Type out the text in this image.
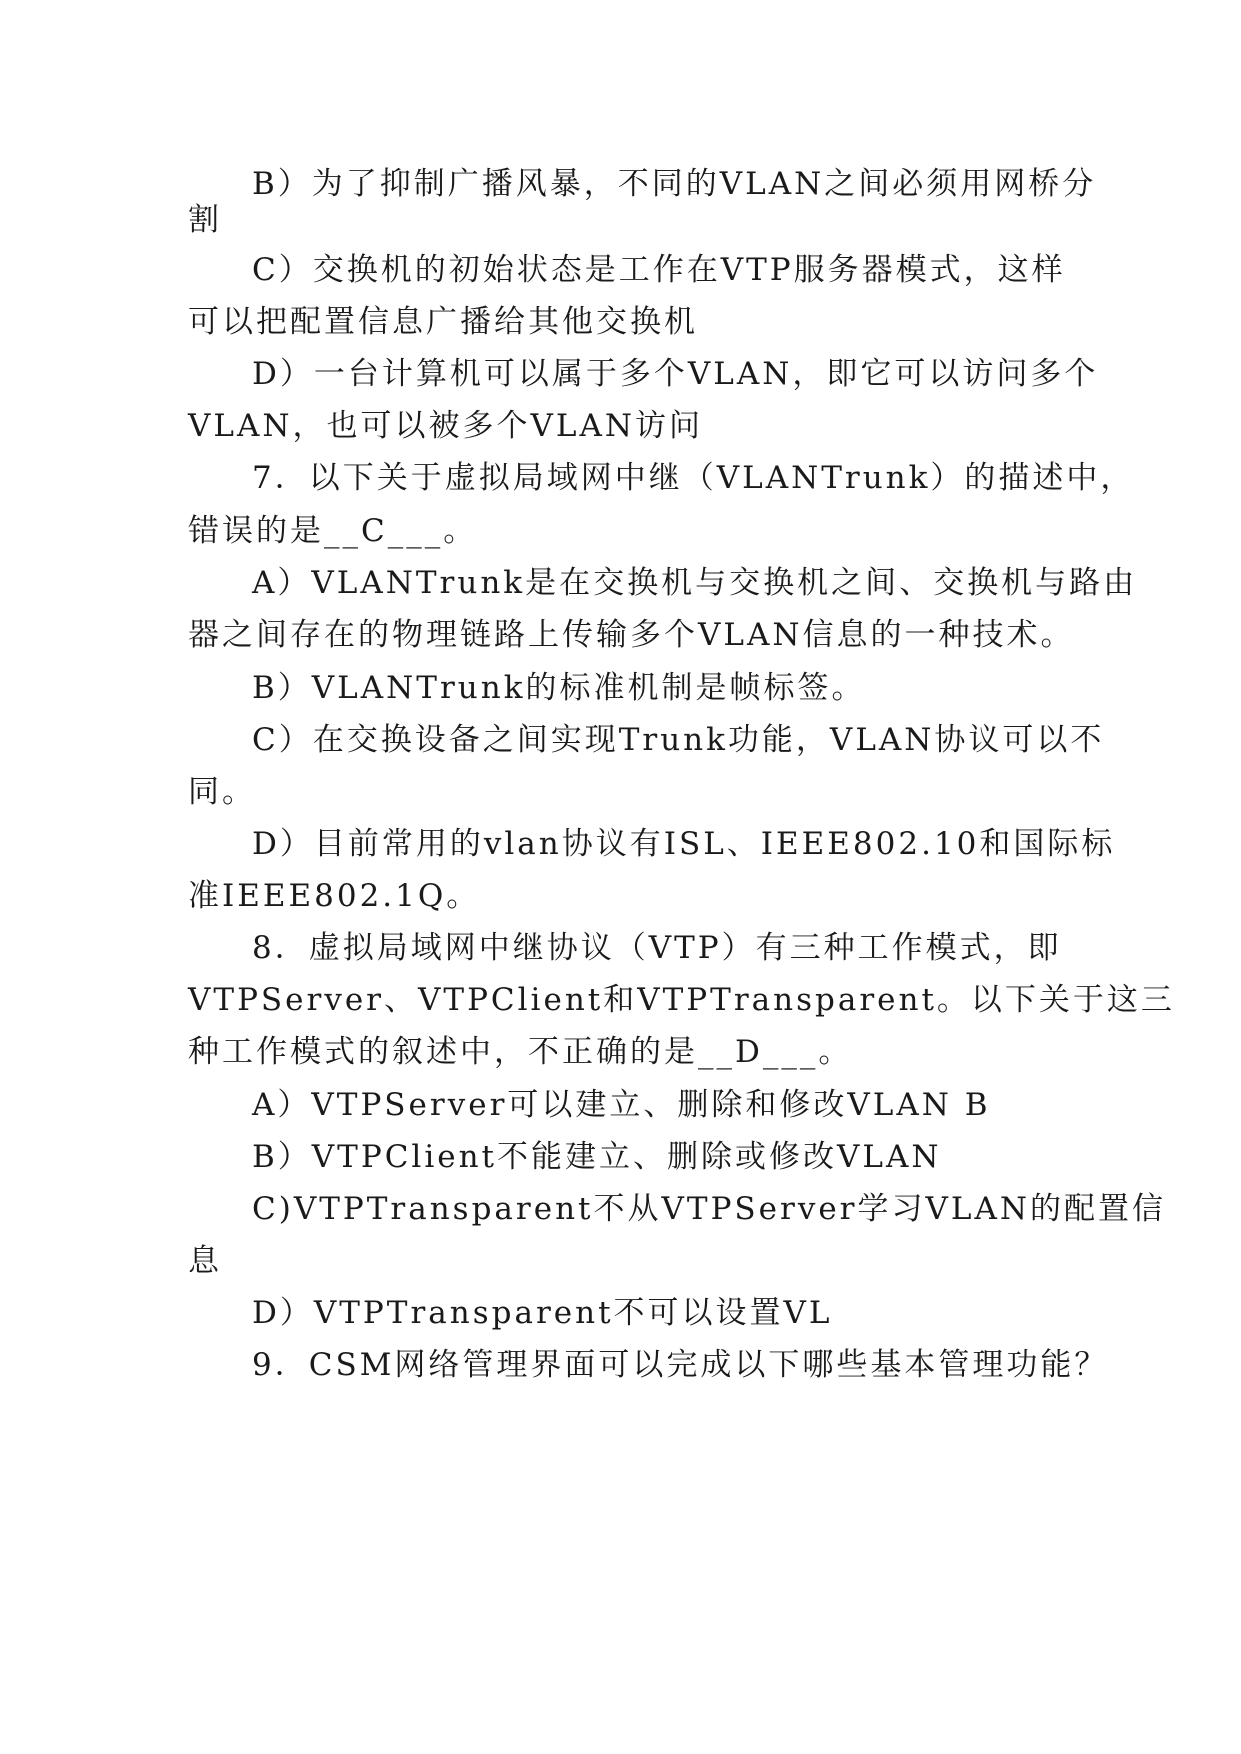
B）为了抑制广播风暴，不同的VLAN之间必须用网桥分
割
C）交换机的初始状态是工作在VTP服务器模式，这样
可以把配置信息广播给其他交换机
D）一台计算机可以属于多个VLAN，即它可以访问多个
VLAN，也可以被多个VLAN访问
7．以下关于虚拟局域网中继（VLANTrunk）的描述中，
错误的是__C___。
A）VLANTrunk是在交换机与交换机之间、交换机与路由
器之间存在的物理链路上传输多个VLAN信息的一种技术。
B）VLANTrunk的标准机制是帧标签。
C）在交换设备之间实现Trunk功能，VLAN协议可以不
同。
D）目前常用的vlan协议有ISL、IEEE802.10和国际标
准IEEE802.1Q。
8．虚拟局域网中继协议（VTP）有三种工作模式，即
VTPServer、VTPClient和VTPTransparent。以下关于这三
种工作模式的叙述中，不正确的是__D___。
A）VTPServer可以建立、删除和修改VLAN B
B）VTPClient不能建立、删除或修改VLAN
C)VTPTransparent不从VTPServer学习VLAN的配置信
息
D）VTPTransparent不可以设置VL
9．CSM网络管理界面可以完成以下哪些基本管理功能？
